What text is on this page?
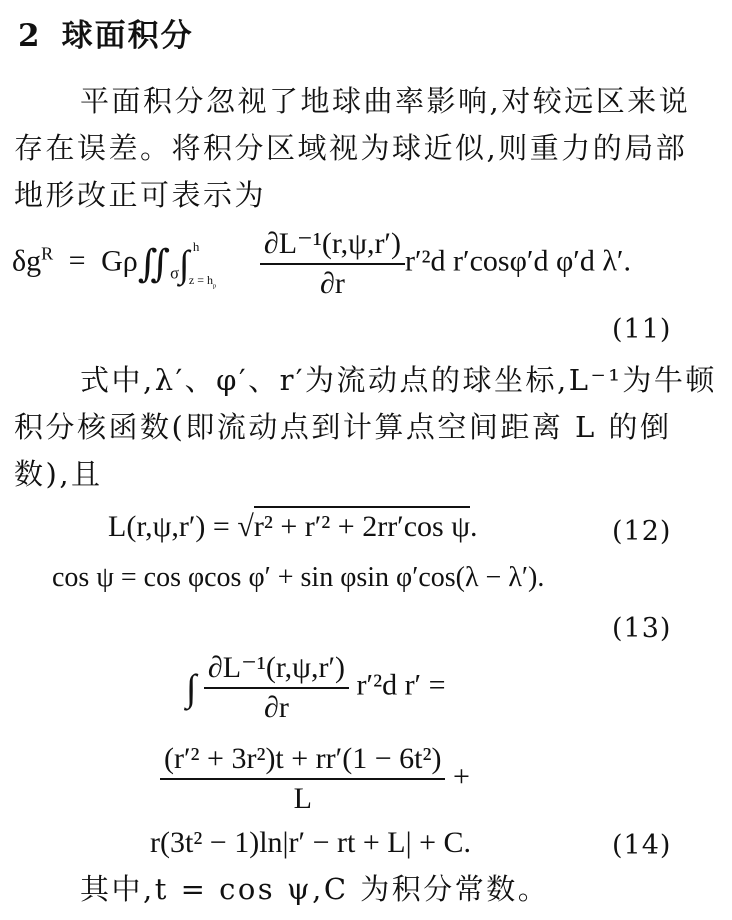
2 球面积分
平面积分忽视了地球曲率影响,对较远区来说
存在误差。将积分区域视为球近似,则重力的局部
地形改正可表示为
$\delta g^R$ = $G\rho∬_\sigma\int$ h
$z = h_p$
$\frac{\text{∂L⁻¹(r,ψ,r′)}}{\partial r} r'^2d$ r′cosφ′d φ′d λ′.
(11)
式中,λ′、φ′、r′为流动点的球坐标,L⁻¹为牛顿
积分核函数(即流动点到计算点空间距离 L 的倒
数),且
L(r,ψ,r′) = √r² + r′² + 2rr′cos ψ.	(12)
cos ψ = cos φcos φ′ + sin φsin φ′cos(λ − λ′).
(13)
∫ $\frac{\text{∂L⁻¹(r,ψ,r′)}}{\partial r} r'^2d$ r′ =
$\frac{\text{(r′² + 3r²)t + rr′(1 − 6t²)}}{L}$ +
r(3t² − 1)ln|r′ − rt + L| + C.	(14)
其中,t = cos ψ,C 为积分常数。
